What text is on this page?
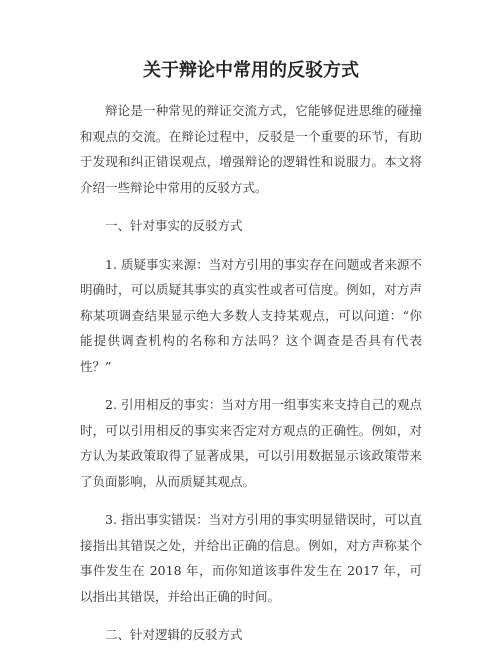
关于辩论中常用的反驳方式

辩论是一种常见的辩证交流方式，它能够促进思维的碰撞和观点的交流。在辩论过程中，反驳是一个重要的环节，有助于发现和纠正错误观点，增强辩论的逻辑性和说服力。本文将介绍一些辩论中常用的反驳方式。

一、针对事实的反驳方式

1. 质疑事实来源：当对方引用的事实存在问题或者来源不明确时，可以质疑其事实的真实性或者可信度。例如，对方声称某项调查结果显示绝大多数人支持某观点，可以问道：“你能提供调查机构的名称和方法吗？这个调查是否具有代表性？”

2. 引用相反的事实：当对方用一组事实来支持自己的观点时，可以引用相反的事实来否定对方观点的正确性。例如，对方认为某政策取得了显著成果，可以引用数据显示该政策带来了负面影响，从而质疑其观点。

3. 指出事实错误：当对方引用的事实明显错误时，可以直接指出其错误之处，并给出正确的信息。例如，对方声称某个事件发生在 2018 年，而你知道该事件发生在 2017 年，可以指出其错误，并给出正确的时间。

二、针对逻辑的反驳方式
